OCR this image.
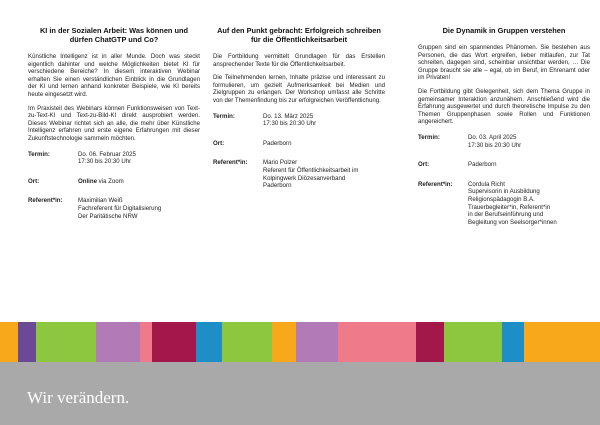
KI in der Sozialen Arbeit: Was können und dürfen ChatGTP und Co?

Künstliche Intelligenz ist in aller Munde. Doch was steckt eigentlich dahinter und welche Möglichkeiten bietet KI für verschiedene Bereiche? In diesem interaktiven Webinar erhalten Sie einen verständlichen Einblick in die Grundlagen der KI und lernen anhand konkreter Beispiele, wie KI bereits heute eingesetzt wird.

Im Praxisteil des Webinars können Funktionsweisen von Text-zu-Text-KI und Text-zu-Bild-KI direkt ausprobiert werden. Dieses Webinar richtet sich an alle, die mehr über Künstliche Intelligenz erfahren und erste eigene Erfahrungen mit dieser Zukunftstechnologie sammeln möchten.

Termin:	Do. 06. Februar 2025
17:30 bis 20:30 Uhr
Ort:	Online via Zoom
Referent*in:	Maximilian Weiß
Fachreferent für Digitalisierung
Der Paritätische NRW
Auf den Punkt gebracht: Erfolgreich schreiben für die Öffentlichkeitsarbeit

Die Fortbildung vermittelt Grundlagen für das Erstellen ansprechender Texte für die Öffentlichkeitsarbeit.

Die Teilnehmenden lernen, Inhalte präzise und interessant zu formulieren, um gezielt Aufmerksamkeit bei Medien und Zielgruppen zu erlangen. Der Workshop umfasst alle Schritte von der Themenfindung bis zur erfolgreichen Veröffentlichung.

Termin:	Do. 13. März 2025
17:30 bis 20:30 Uhr
Ort:	Paderborn
Referent*in:	Mario Polzer
Referent für Öffentlichkeitsarbeit im
Kolpingwerk Diözesanverband
Paderborn
Die Dynamik in Gruppen verstehen

Gruppen sind ein spannendes Phänomen. Sie bestehen aus Personen, die das Wort ergreifen, lieber mitlaufen, zur Tat schreiten, dagegen sind, scheinbar unsichtbar werden, … Die Gruppe braucht sie alle – egal, ob im Beruf, im Ehrenamt oder im Privaten!

Die Fortbildung gibt Gelegenheit, sich dem Thema Gruppe in gemeinsamer Interaktion anzunähern. Anschließend wird die Erfahrung ausgewertet und durch theoretische Impulse zu den Themen Gruppenphasen sowie Rollen und Funktionen angereichert.

Termin:	Do. 03. April 2025
17:30 bis 20:30 Uhr
Ort:	Paderborn
Referent*in:	Cordula Richt
Supervisorin in Ausbildung
Religionspädagogin B.A.
Trauerbegleiter*in, Referent*in
in der Berufseinführung und
Begleitung von Seelsorger*innen
Wir verändern.
